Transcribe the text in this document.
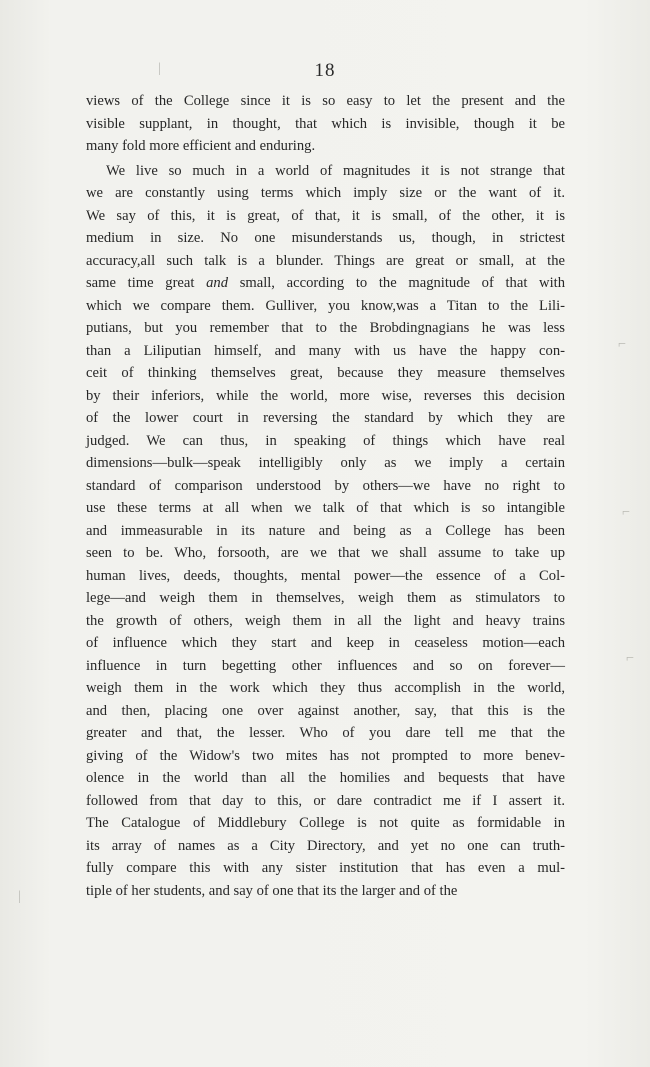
18

views of the College since it is so easy to let the present and the
visible supplant, in thought, that which is invisible, though it be
many fold more efficient and enduring.

We live so much in a world of magnitudes it is not strange that
we are constantly using terms which imply size or the want of it.
We say of this, it is great, of that, it is small, of the other, it is
medium in size. No one misunderstands us, though, in strictest
accuracy,all such talk is a blunder. Things are great or small, at the
same time great and small, according to the magnitude of that with
which we compare them. Gulliver, you know,was a Titan to the Lili-
putians, but you remember that to the Brobdingnagians he was less
than a Liliputian himself, and many with us have the happy con-
ceit of thinking themselves great, because they measure themselves
by their inferiors, while the world, more wise, reverses this decision
of the lower court in reversing the standard by which they are
judged. We can thus, in speaking of things which have real
dimensions—bulk—speak intelligibly only as we imply a certain
standard of comparison understood by others—we have no right to
use these terms at all when we talk of that which is so intangible
and immeasurable in its nature and being as a College has been
seen to be. Who, forsooth, are we that we shall assume to take up
human lives, deeds, thoughts, mental power—the essence of a Col-
lege—and weigh them in themselves, weigh them as stimulators to
the growth of others, weigh them in all the light and heavy trains
of influence which they start and keep in ceaseless motion—each
influence in turn begetting other influences and so on forever—
weigh them in the work which they thus accomplish in the world,
and then, placing one over against another, say, that this is the
greater and that, the lesser. Who of you dare tell me that the
giving of the Widow's two mites has not prompted to more benev-
olence in the world than all the homilies and bequests that have
followed from that day to this, or dare contradict me if I assert it.
The Catalogue of Middlebury College is not quite as formidable in
its array of names as a City Directory, and yet no one can truth-
fully compare this with any sister institution that has even a mul-
tiple of her students, and say of one that its the larger and of the

|
⌐
⌐
⌐
|
